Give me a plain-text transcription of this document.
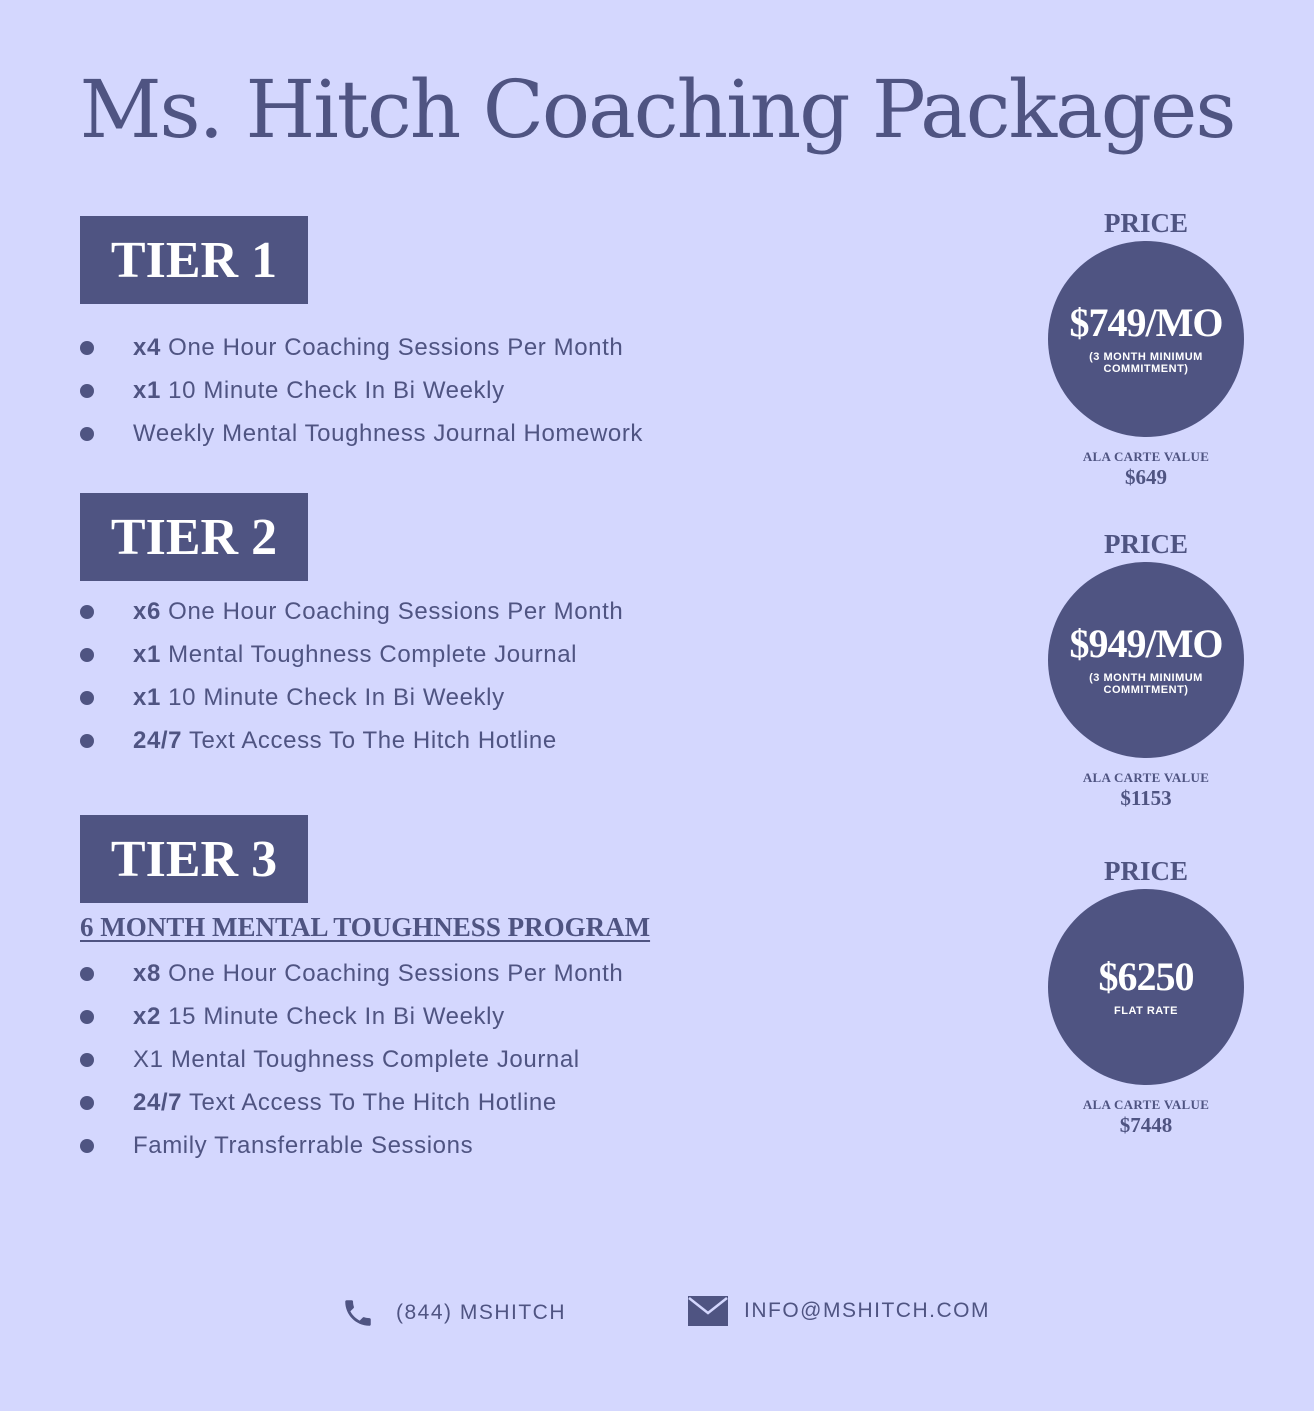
Ms. Hitch Coaching Packages
TIER 1
x4 One Hour Coaching Sessions Per Month
x1 10 Minute Check In Bi Weekly
Weekly Mental Toughness Journal Homework
PRICE
$749/MO
(3 MONTH MINIMUM COMMITMENT)
ALA CARTE VALUE
$649
TIER 2
x6 One Hour Coaching Sessions Per Month
x1 Mental Toughness Complete Journal
x1 10 Minute Check In Bi Weekly
24/7 Text Access To The Hitch Hotline
PRICE
$949/MO
(3 MONTH MINIMUM COMMITMENT)
ALA CARTE VALUE
$1153
TIER 3
6 MONTH MENTAL TOUGHNESS PROGRAM
x8 One Hour Coaching Sessions Per Month
x2 15 Minute Check In Bi Weekly
X1 Mental Toughness Complete Journal
24/7 Text Access To The Hitch Hotline
Family Transferrable Sessions
PRICE
$6250
FLAT RATE
ALA CARTE VALUE
$7448
(844) MSHITCH	INFO@MSHITCH.COM
